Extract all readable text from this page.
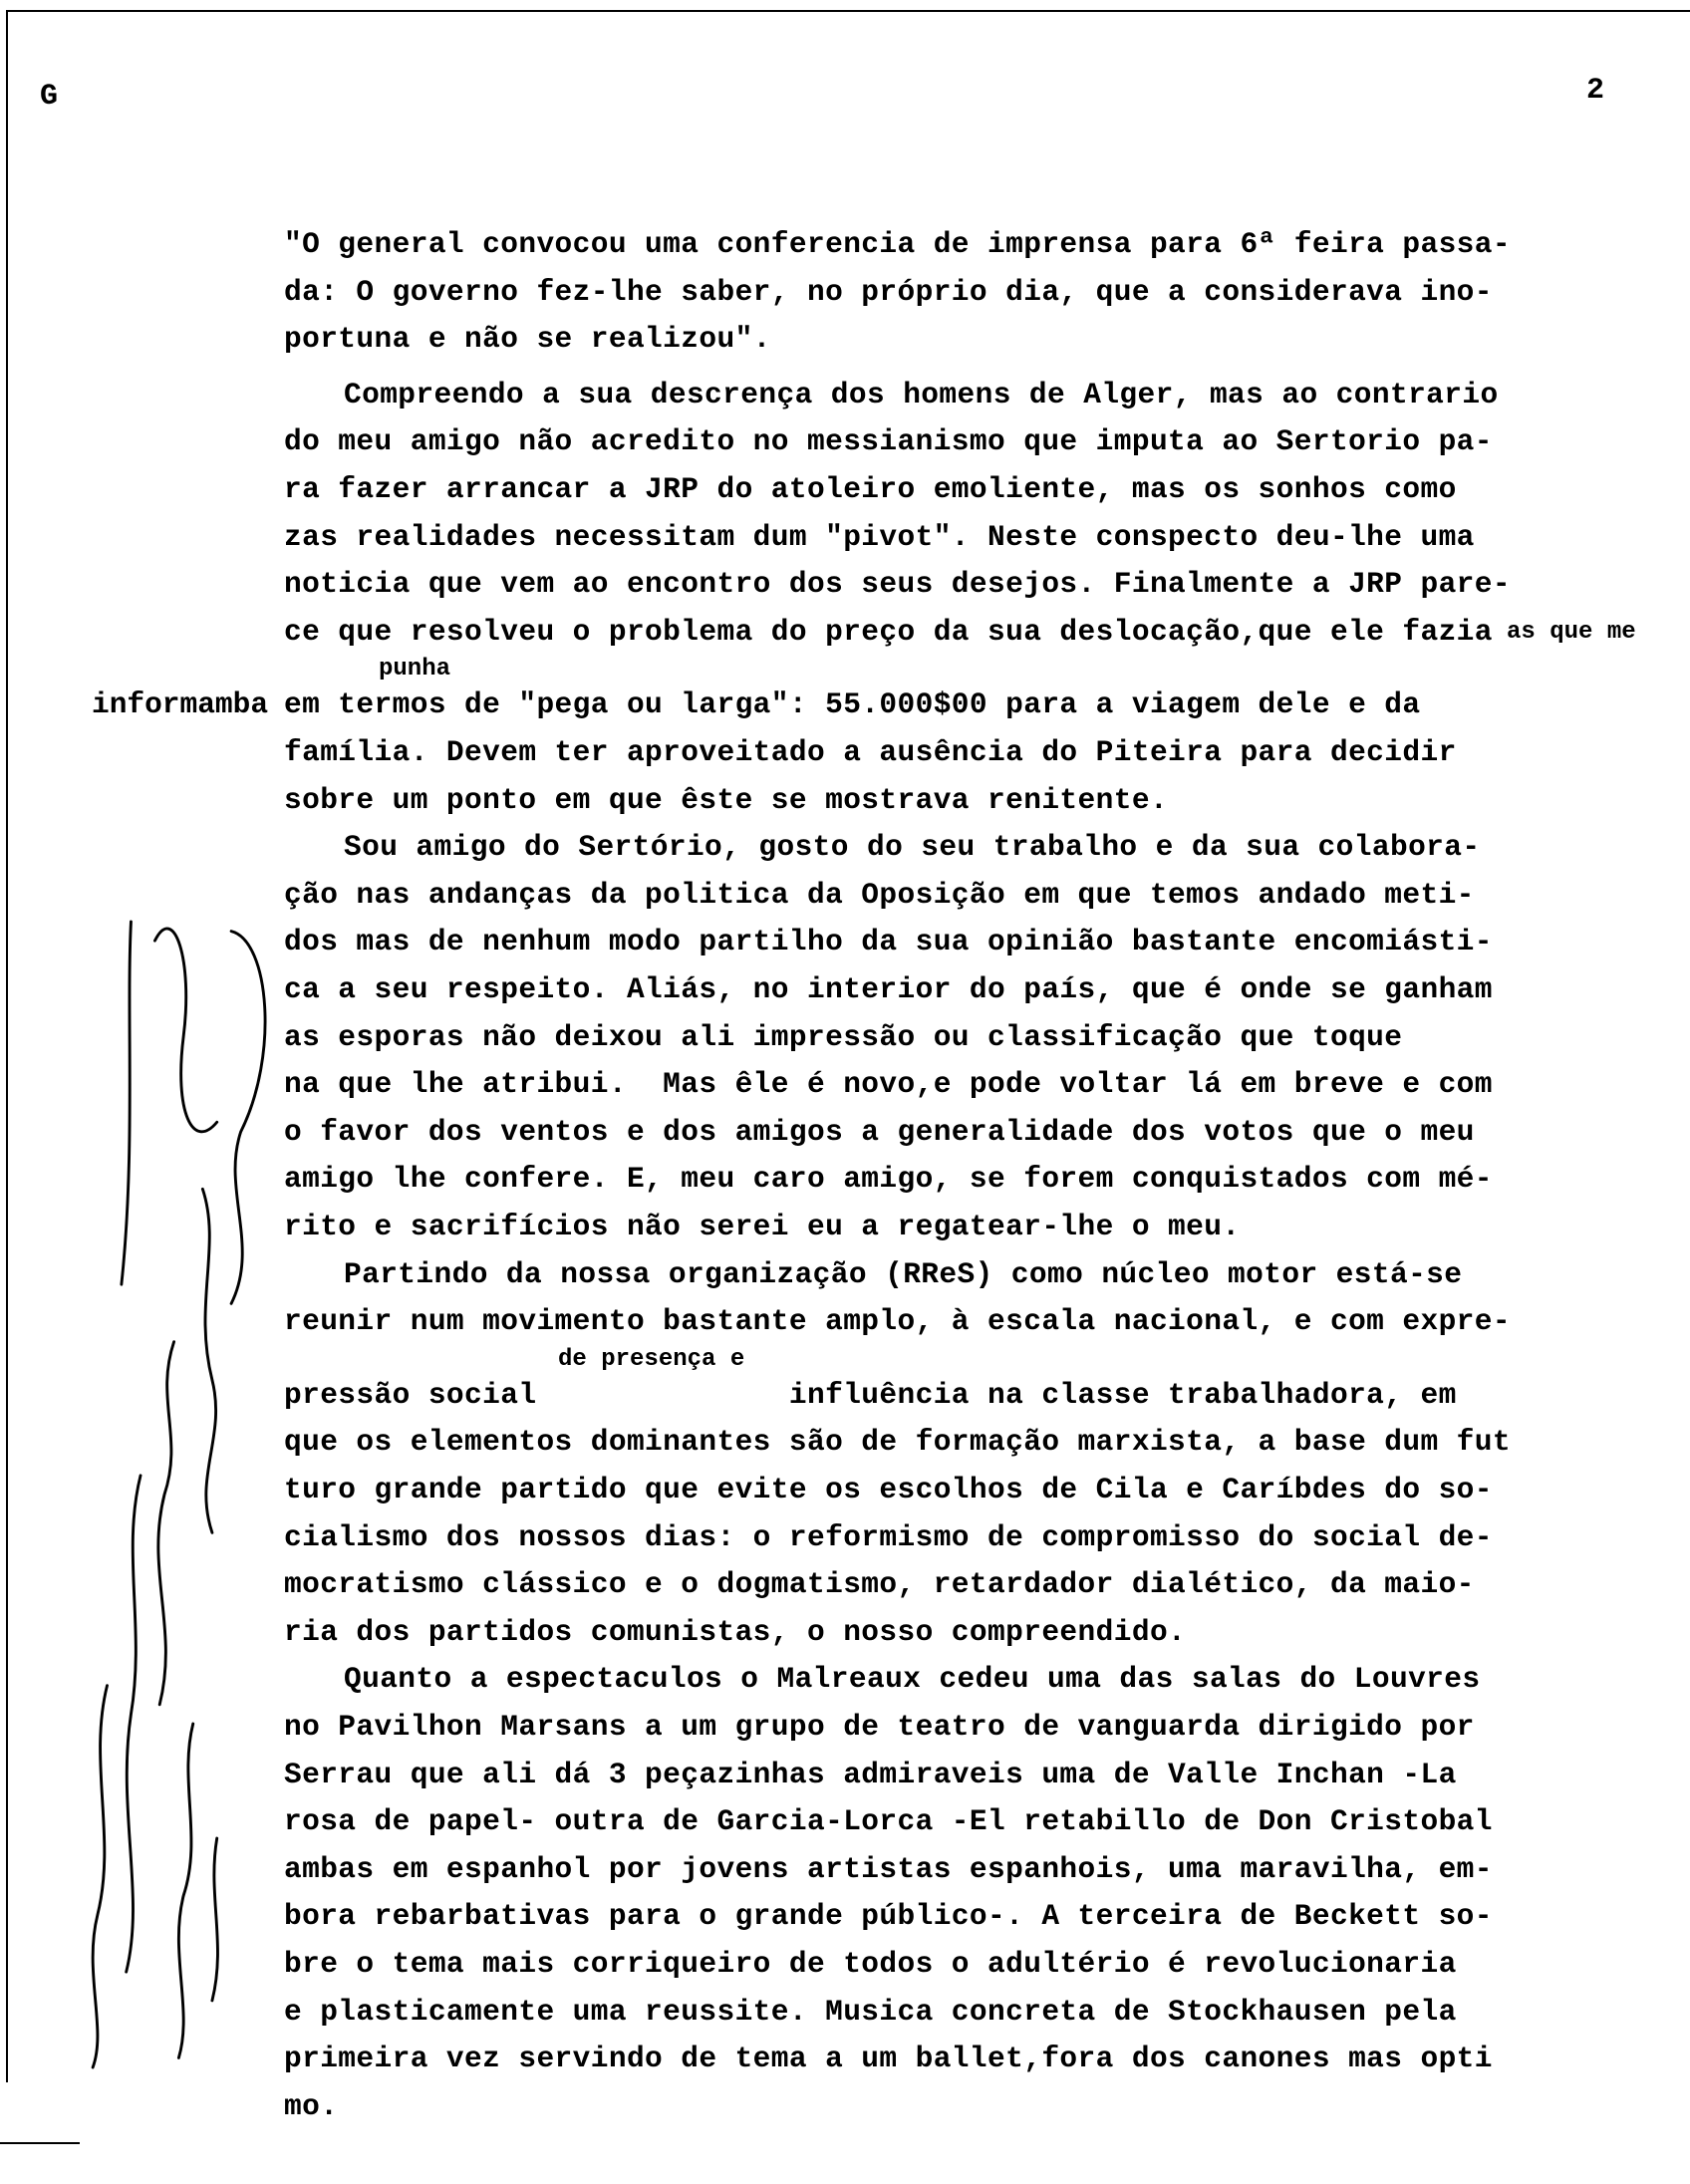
G	2
"O general convocou uma conferencia de imprensa para 6ª feira passa-
da: O governo fez-lhe saber, no próprio dia, que a considerava ino-
portuna e não se realizou".
Compreendo a sua descrença dos homens de Alger, mas ao contrario
do meu amigo não acredito no messianismo que imputa ao Sertorio pa-
ra fazer arrancar a JRP do atoleiro emoliente, mas os sonhos como
zas realidades necessitam dum "pivot". Neste conspecto deu-lhe uma
noticia que vem ao encontro dos seus desejos. Finalmente a JRP pare-
ce que resolveu o problema do preço da sua deslocação,que ele fazia
em termos de "pega ou larga": 55.000$00 para a viagem dele e da
família. Devem ter aproveitado a ausência do Piteira para decidir
sobre um ponto em que êste se mostrava renitente.
Sou amigo do Sertório, gosto do seu trabalho e da sua colabora-
ção nas andanças da politica da Oposição em que temos andado meti-
dos mas de nenhum modo partilho da sua opinião bastante encomiásti-
ca a seu respeito. Aliás, no interior do país, que é onde se ganham
as esporas não deixou ali impressão ou classificação que toque
na que lhe atribui.  Mas êle é novo,e pode voltar lá em breve e com
o favor dos ventos e dos amigos a generalidade dos votos que o meu
amigo lhe confere. E, meu caro amigo, se forem conquistados com mé-
rito e sacrifícios não serei eu a regatear-lhe o meu.
Partindo da nossa organização (RReS) como núcleo motor está-se
reunir num movimento bastante amplo, à escala nacional, e com expre-
pressão social              influência na classe trabalhadora, em
que os elementos dominantes são de formação marxista, a base dum fut
turo grande partido que evite os escolhos de Cila e Caríbdes do so-
cialismo dos nossos dias: o reformismo de compromisso do social de-
mocratismo clássico e o dogmatismo, retardador dialético, da maio-
ria dos partidos comunistas, o nosso compreendido.
Quanto a espectaculos o Malreaux cedeu uma das salas do Louvres
no Pavilhon Marsans a um grupo de teatro de vanguarda dirigido por
Serrau que ali dá 3 peçazinhas admiraveis uma de Valle Inchan -La
rosa de papel- outra de Garcia-Lorca -El retabillo de Don Cristobal
ambas em espanhol por jovens artistas espanhois, uma maravilha, em-
bora rebarbativas para o grande público-. A terceira de Beckett so-
bre o tema mais corriqueiro de todos o adultério é revolucionaria
e plasticamente uma reussite. Musica concreta de Stockhausen pela
primeira vez servindo de tema a um ballet,fora dos canones mas opti
mo.
as que me
punha
informamba
de presença e
